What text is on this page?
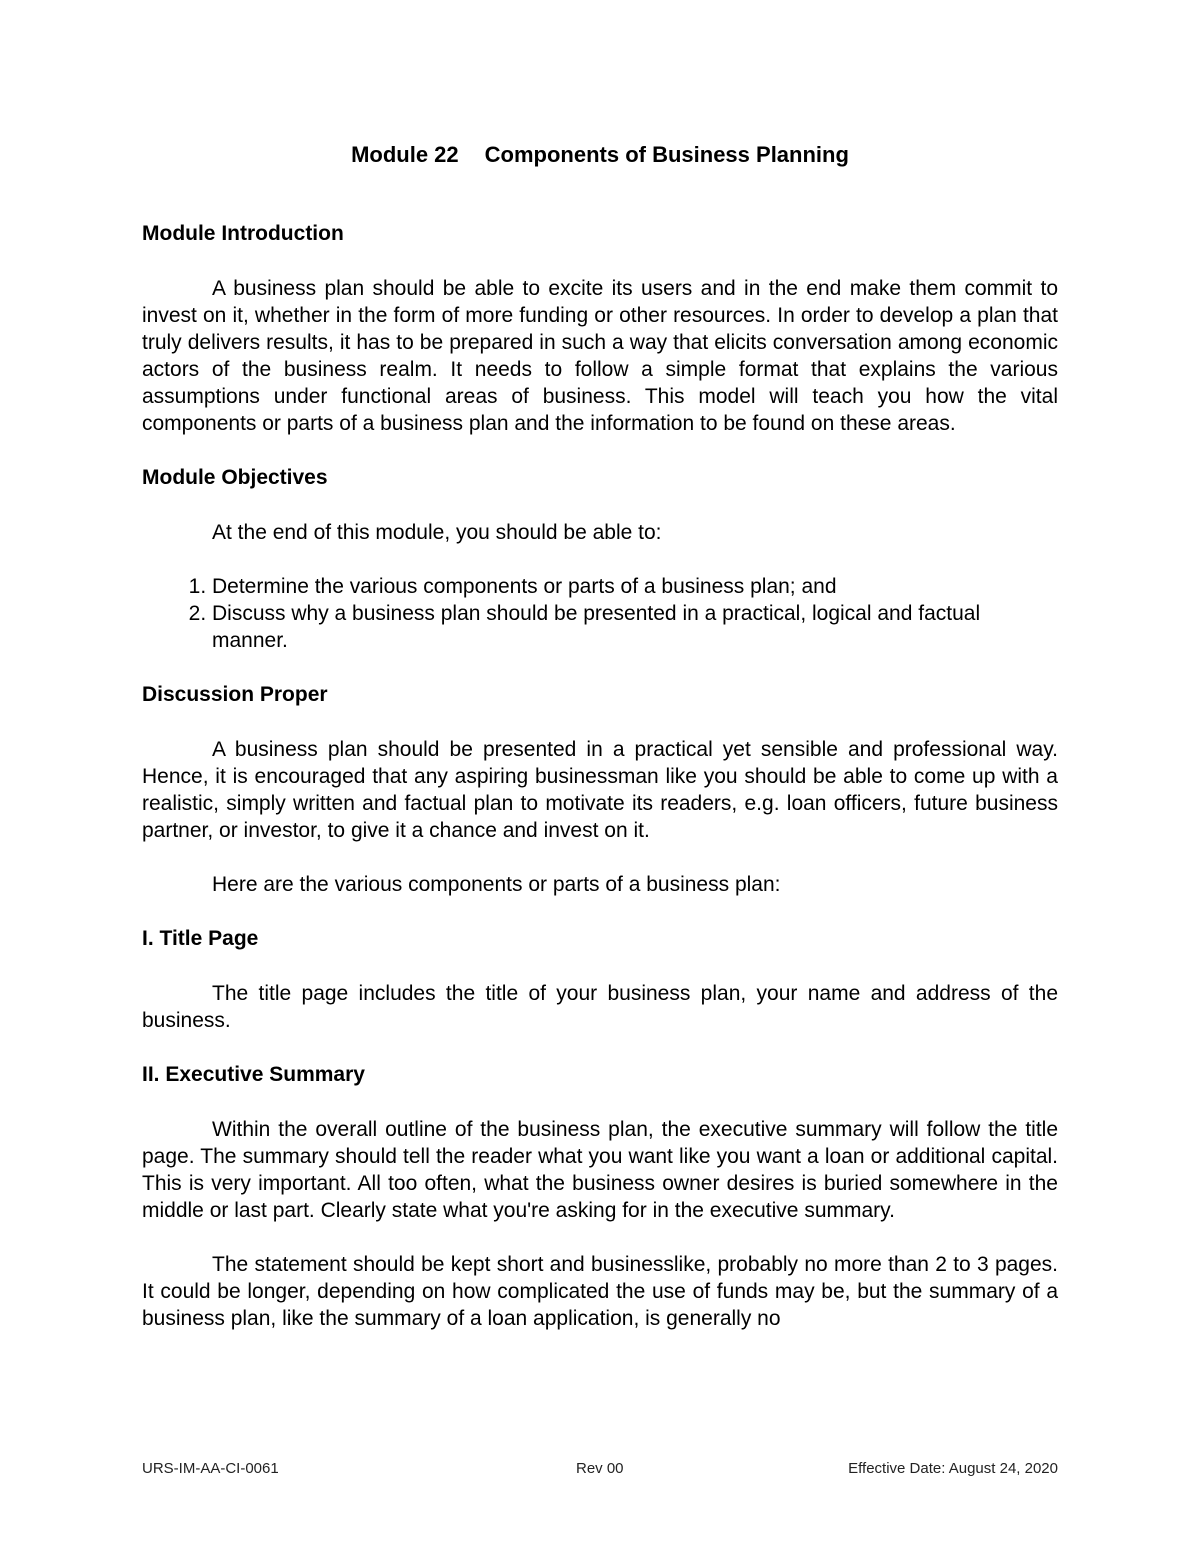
Module 22 Components of Business Planning
Module Introduction

A business plan should be able to excite its users and in the end make them commit to invest on it, whether in the form of more funding or other resources. In order to develop a plan that truly delivers results, it has to be prepared in such a way that elicits conversation among economic actors of the business realm. It needs to follow a simple format that explains the various assumptions under functional areas of business. This model will teach you how the vital components or parts of a business plan and the information to be found on these areas.

Module Objectives

At the end of this module, you should be able to:

1. Determine the various components or parts of a business plan; and
2. Discuss why a business plan should be presented in a practical, logical and factual manner.
Discussion Proper

A business plan should be presented in a practical yet sensible and professional way. Hence, it is encouraged that any aspiring businessman like you should be able to come up with a realistic, simply written and factual plan to motivate its readers, e.g. loan officers, future business partner, or investor, to give it a chance and invest on it.

Here are the various components or parts of a business plan:

I. Title Page

The title page includes the title of your business plan, your name and address of the business.

II. Executive Summary

Within the overall outline of the business plan, the executive summary will follow the title page. The summary should tell the reader what you want like you want a loan or additional capital. This is very important. All too often, what the business owner desires is buried somewhere in the middle or last part. Clearly state what you're asking for in the executive summary.

The statement should be kept short and businesslike, probably no more than 2 to 3 pages. It could be longer, depending on how complicated the use of funds may be, but the summary of a business plan, like the summary of a loan application, is generally no

URS-IM-AA-CI-0061	Rev 00	Effective Date: August 24, 2020
